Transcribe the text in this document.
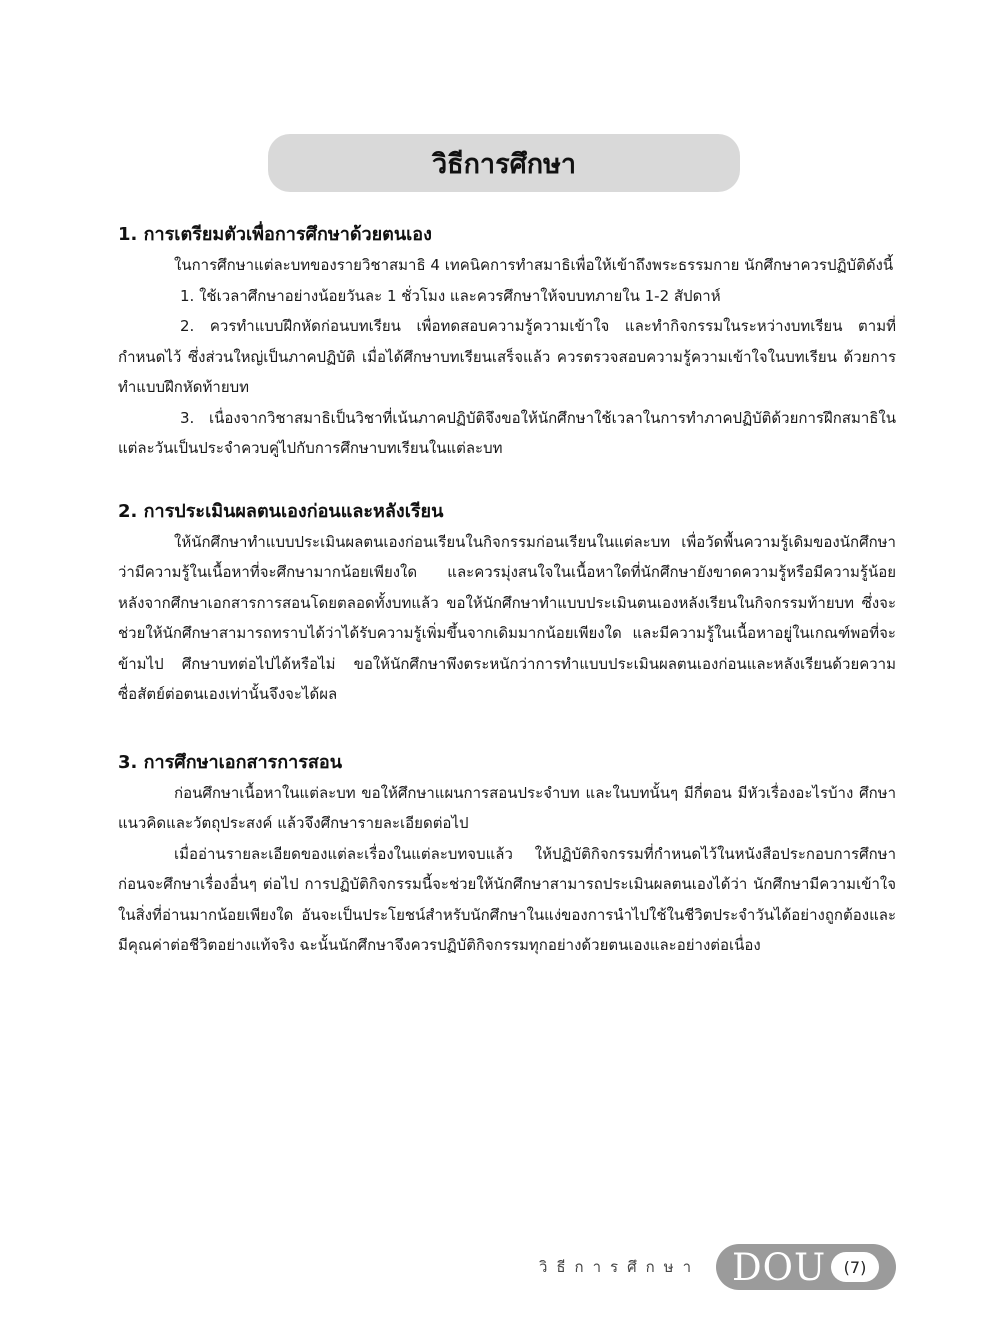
วิธีการศึกษา
1. การเตรียมตัวเพื่อการศึกษาด้วยตนเอง

ในการศึกษาแต่ละบทของรายวิชาสมาธิ 4 เทคนิคการทำสมาธิเพื่อให้เข้าถึงพระธรรมกาย นักศึกษาควรปฏิบัติดังนี้

1. ใช้เวลาศึกษาอย่างน้อยวันละ 1 ชั่วโมง และควรศึกษาให้จบบทภายใน 1-2 สัปดาห์

2. ควรทำแบบฝึกหัดก่อนบทเรียน เพื่อทดสอบความรู้ความเข้าใจ และทำกิจกรรมในระหว่างบทเรียน ตามที่กำหนดไว้ ซึ่งส่วนใหญ่เป็นภาคปฏิบัติ เมื่อได้ศึกษาบทเรียนเสร็จแล้ว ควรตรวจสอบความรู้ความเข้าใจในบทเรียน ด้วยการทำแบบฝึกหัดท้ายบท

3. เนื่องจากวิชาสมาธิเป็นวิชาที่เน้นภาคปฏิบัติจึงขอให้นักศึกษาใช้เวลาในการทำภาคปฏิบัติด้วยการฝึกสมาธิในแต่ละวันเป็นประจำควบคู่ไปกับการศึกษาบทเรียนในแต่ละบท

2. การประเมินผลตนเองก่อนและหลังเรียน

ให้นักศึกษาทำแบบประเมินผลตนเองก่อนเรียนในกิจกรรมก่อนเรียนในแต่ละบท เพื่อวัดพื้นความรู้เดิมของนักศึกษาว่ามีความรู้ในเนื้อหาที่จะศึกษามากน้อยเพียงใด และควรมุ่งสนใจในเนื้อหาใดที่นักศึกษายังขาดความรู้หรือมีความรู้น้อย หลังจากศึกษาเอกสารการสอนโดยตลอดทั้งบทแล้ว ขอให้นักศึกษาทำแบบประเมินตนเองหลังเรียนในกิจกรรมท้ายบท ซึ่งจะช่วยให้นักศึกษาสามารถทราบได้ว่าได้รับความรู้เพิ่มขึ้นจากเดิมมากน้อยเพียงใด และมีความรู้ในเนื้อหาอยู่ในเกณฑ์พอที่จะข้ามไป ศึกษาบทต่อไปได้หรือไม่ ขอให้นักศึกษาพึงตระหนักว่าการทำแบบประเมินผลตนเองก่อนและหลังเรียนด้วยความซื่อสัตย์ต่อตนเองเท่านั้นจึงจะได้ผล

3. การศึกษาเอกสารการสอน

ก่อนศึกษาเนื้อหาในแต่ละบท ขอให้ศึกษาแผนการสอนประจำบท และในบทนั้นๆ มีกี่ตอน มีหัวเรื่องอะไรบ้าง ศึกษาแนวคิดและวัตถุประสงค์ แล้วจึงศึกษารายละเอียดต่อไป

เมื่ออ่านรายละเอียดของแต่ละเรื่องในแต่ละบทจบแล้ว ให้ปฏิบัติกิจกรรมที่กำหนดไว้ในหนังสือประกอบการศึกษา ก่อนจะศึกษาเรื่องอื่นๆ ต่อไป การปฏิบัติกิจกรรมนี้จะช่วยให้นักศึกษาสามารถประเมินผลตนเองได้ว่า นักศึกษามีความเข้าใจในสิ่งที่อ่านมากน้อยเพียงใด อันจะเป็นประโยชน์สำหรับนักศึกษาในแง่ของการนำไปใช้ในชีวิตประจำวันได้อย่างถูกต้องและมีคุณค่าต่อชีวิตอย่างแท้จริง ฉะนั้นนักศึกษาจึงควรปฏิบัติกิจกรรมทุกอย่างด้วยตนเองและอย่างต่อเนื่อง

วิธีการศึกษา DOU	(7)
